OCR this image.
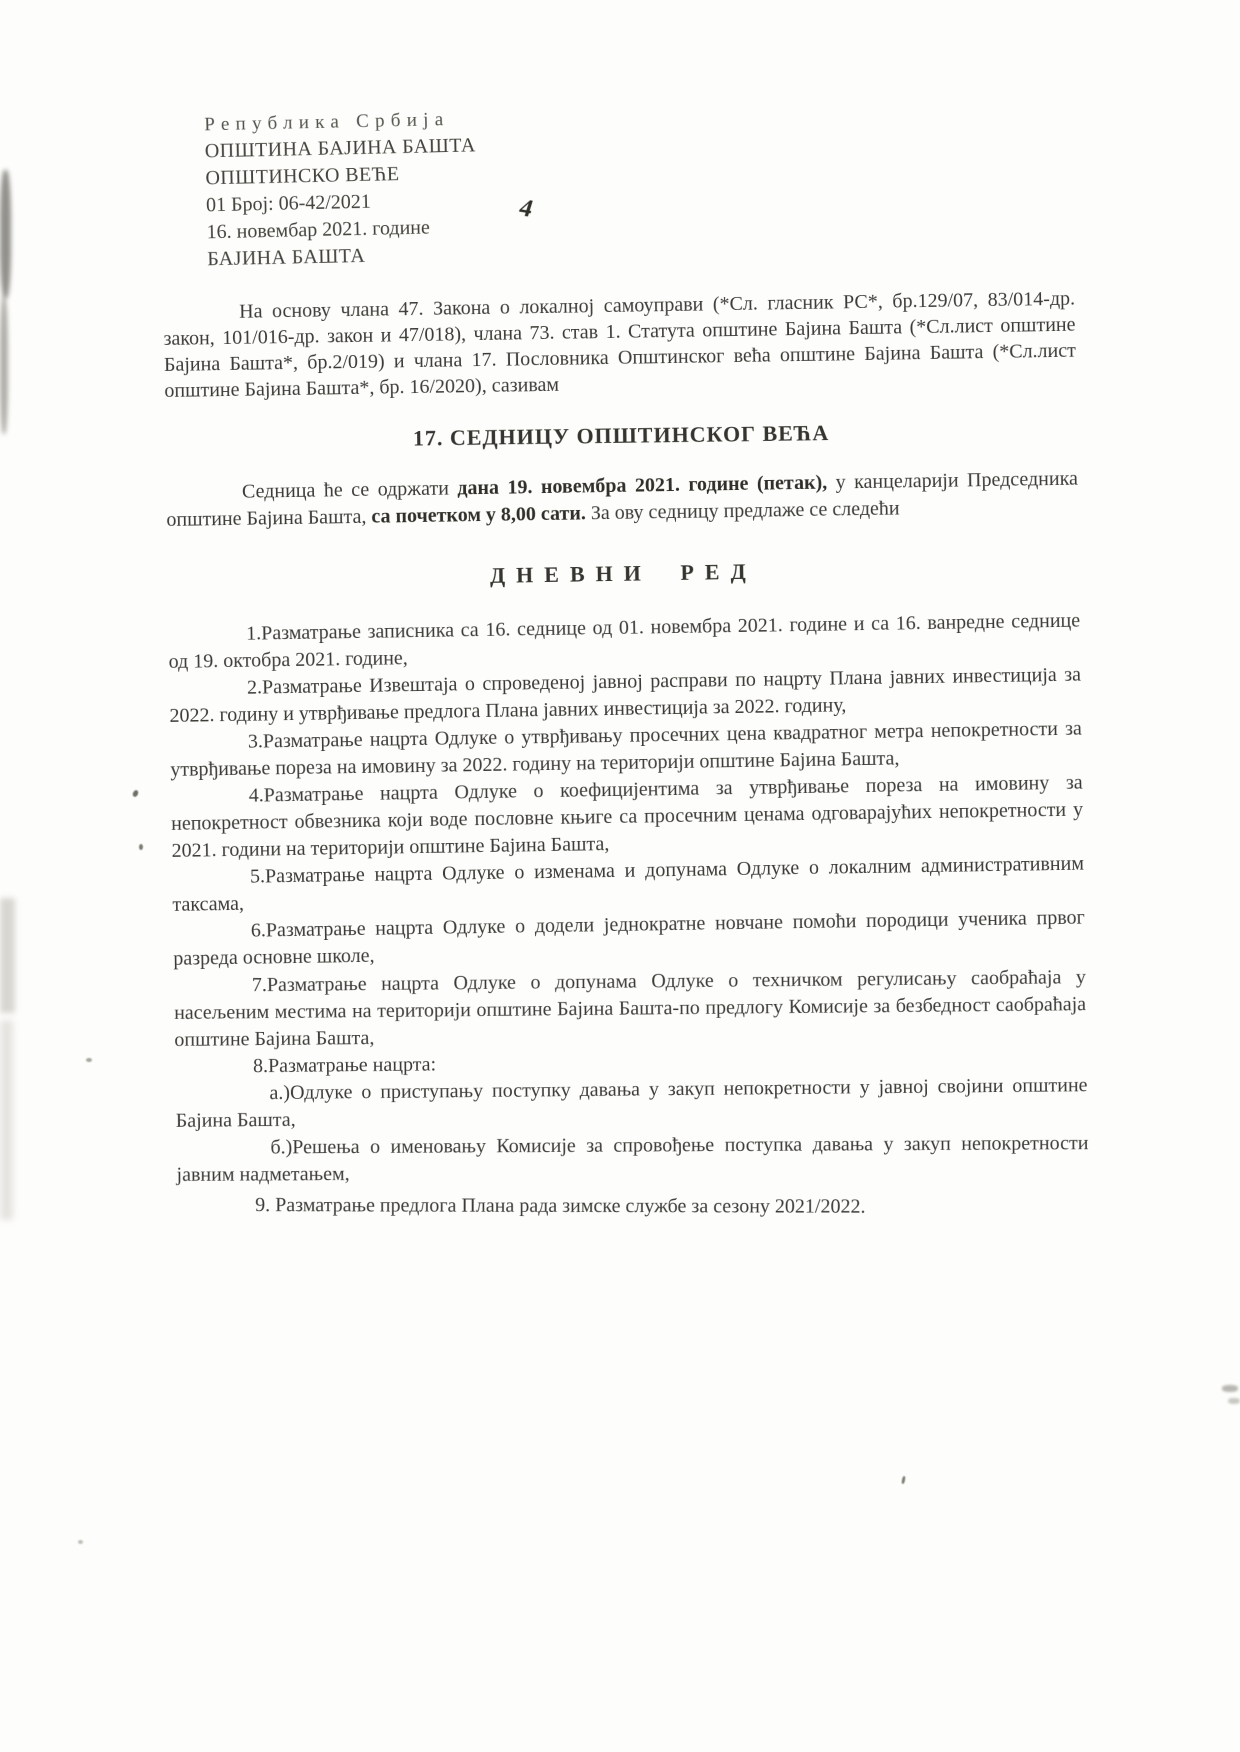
4
Република Србија
ОПШТИНА БАЈИНА БАШТА
ОПШТИНСКО ВЕЋЕ
01 Број: 06-42/2021
16. новембар 2021. године
БАЈИНА БАШТА

На основу члана 47. Закона о локалној самоуправи (*Сл. гласник РС*, бр.129/07, 83/014-др. закон, 101/016-др. закон и 47/018), члана 73. став 1. Статута општине Бајина Башта (*Сл.лист општине Бајина Башта*, бр.2/019) и члана 17. Пословника Општинског већа општине Бајина Башта (*Сл.лист општине Бајина Башта*, бр. 16/2020), сазивам

17. СЕДНИЦУ ОПШТИНСКОГ ВЕЋА

Седница ће се одржати дана 19. новембра 2021. године (петак), у канцеларији Председника општине Бајина Башта, са почетком у 8,00 сати. За ову седницу предлаже се следећи

ДНЕВНИ РЕД

1.Разматрање записника са 16. седнице од 01. новембра 2021. године и са 16. ванредне седнице од 19. октобра 2021. године,

2.Разматрање Извештаја о спроведеној јавној расправи по нацрту Плана јавних инвестиција за 2022. годину и утврђивање предлога Плана јавних инвестиција за 2022. годину,

3.Разматрање нацрта Одлуке о утврђивању просечних цена квадратног метра непокретности за утврђивање пореза на имовину за 2022. годину на територији општине Бајина Башта,

4.Разматрање нацрта Одлуке о коефицијентима за утврђивање пореза на имовину за непокретност обвезника који воде пословне књиге са просечним ценама одговарајућих непокретности у 2021. години на територији општине Бајина Башта,

5.Разматрање нацрта Одлуке о изменама и допунама Одлуке о локалним административним таксама,

6.Разматрање нацрта Одлуке о додели једнократне новчане помоћи породици ученика првог разреда основне школе,

7.Разматрање нацрта Одлуке о допунама Одлуке о техничком регулисању саобраћаја у насељеним местима на територији општине Бајина Башта-по предлогу Комисије за безбедност саобраћаја општине Бајина Башта,

8.Разматрање нацрта:

а.)Одлуке о приступању поступку давања у закуп непокретности у јавној својини општине Бајина Башта,

б.)Решења о именовању Комисије за спровођење поступка давања у закуп непокретности јавним надметањем,

9. Разматрање предлога Плана рада зимске службе за сезону 2021/2022.
